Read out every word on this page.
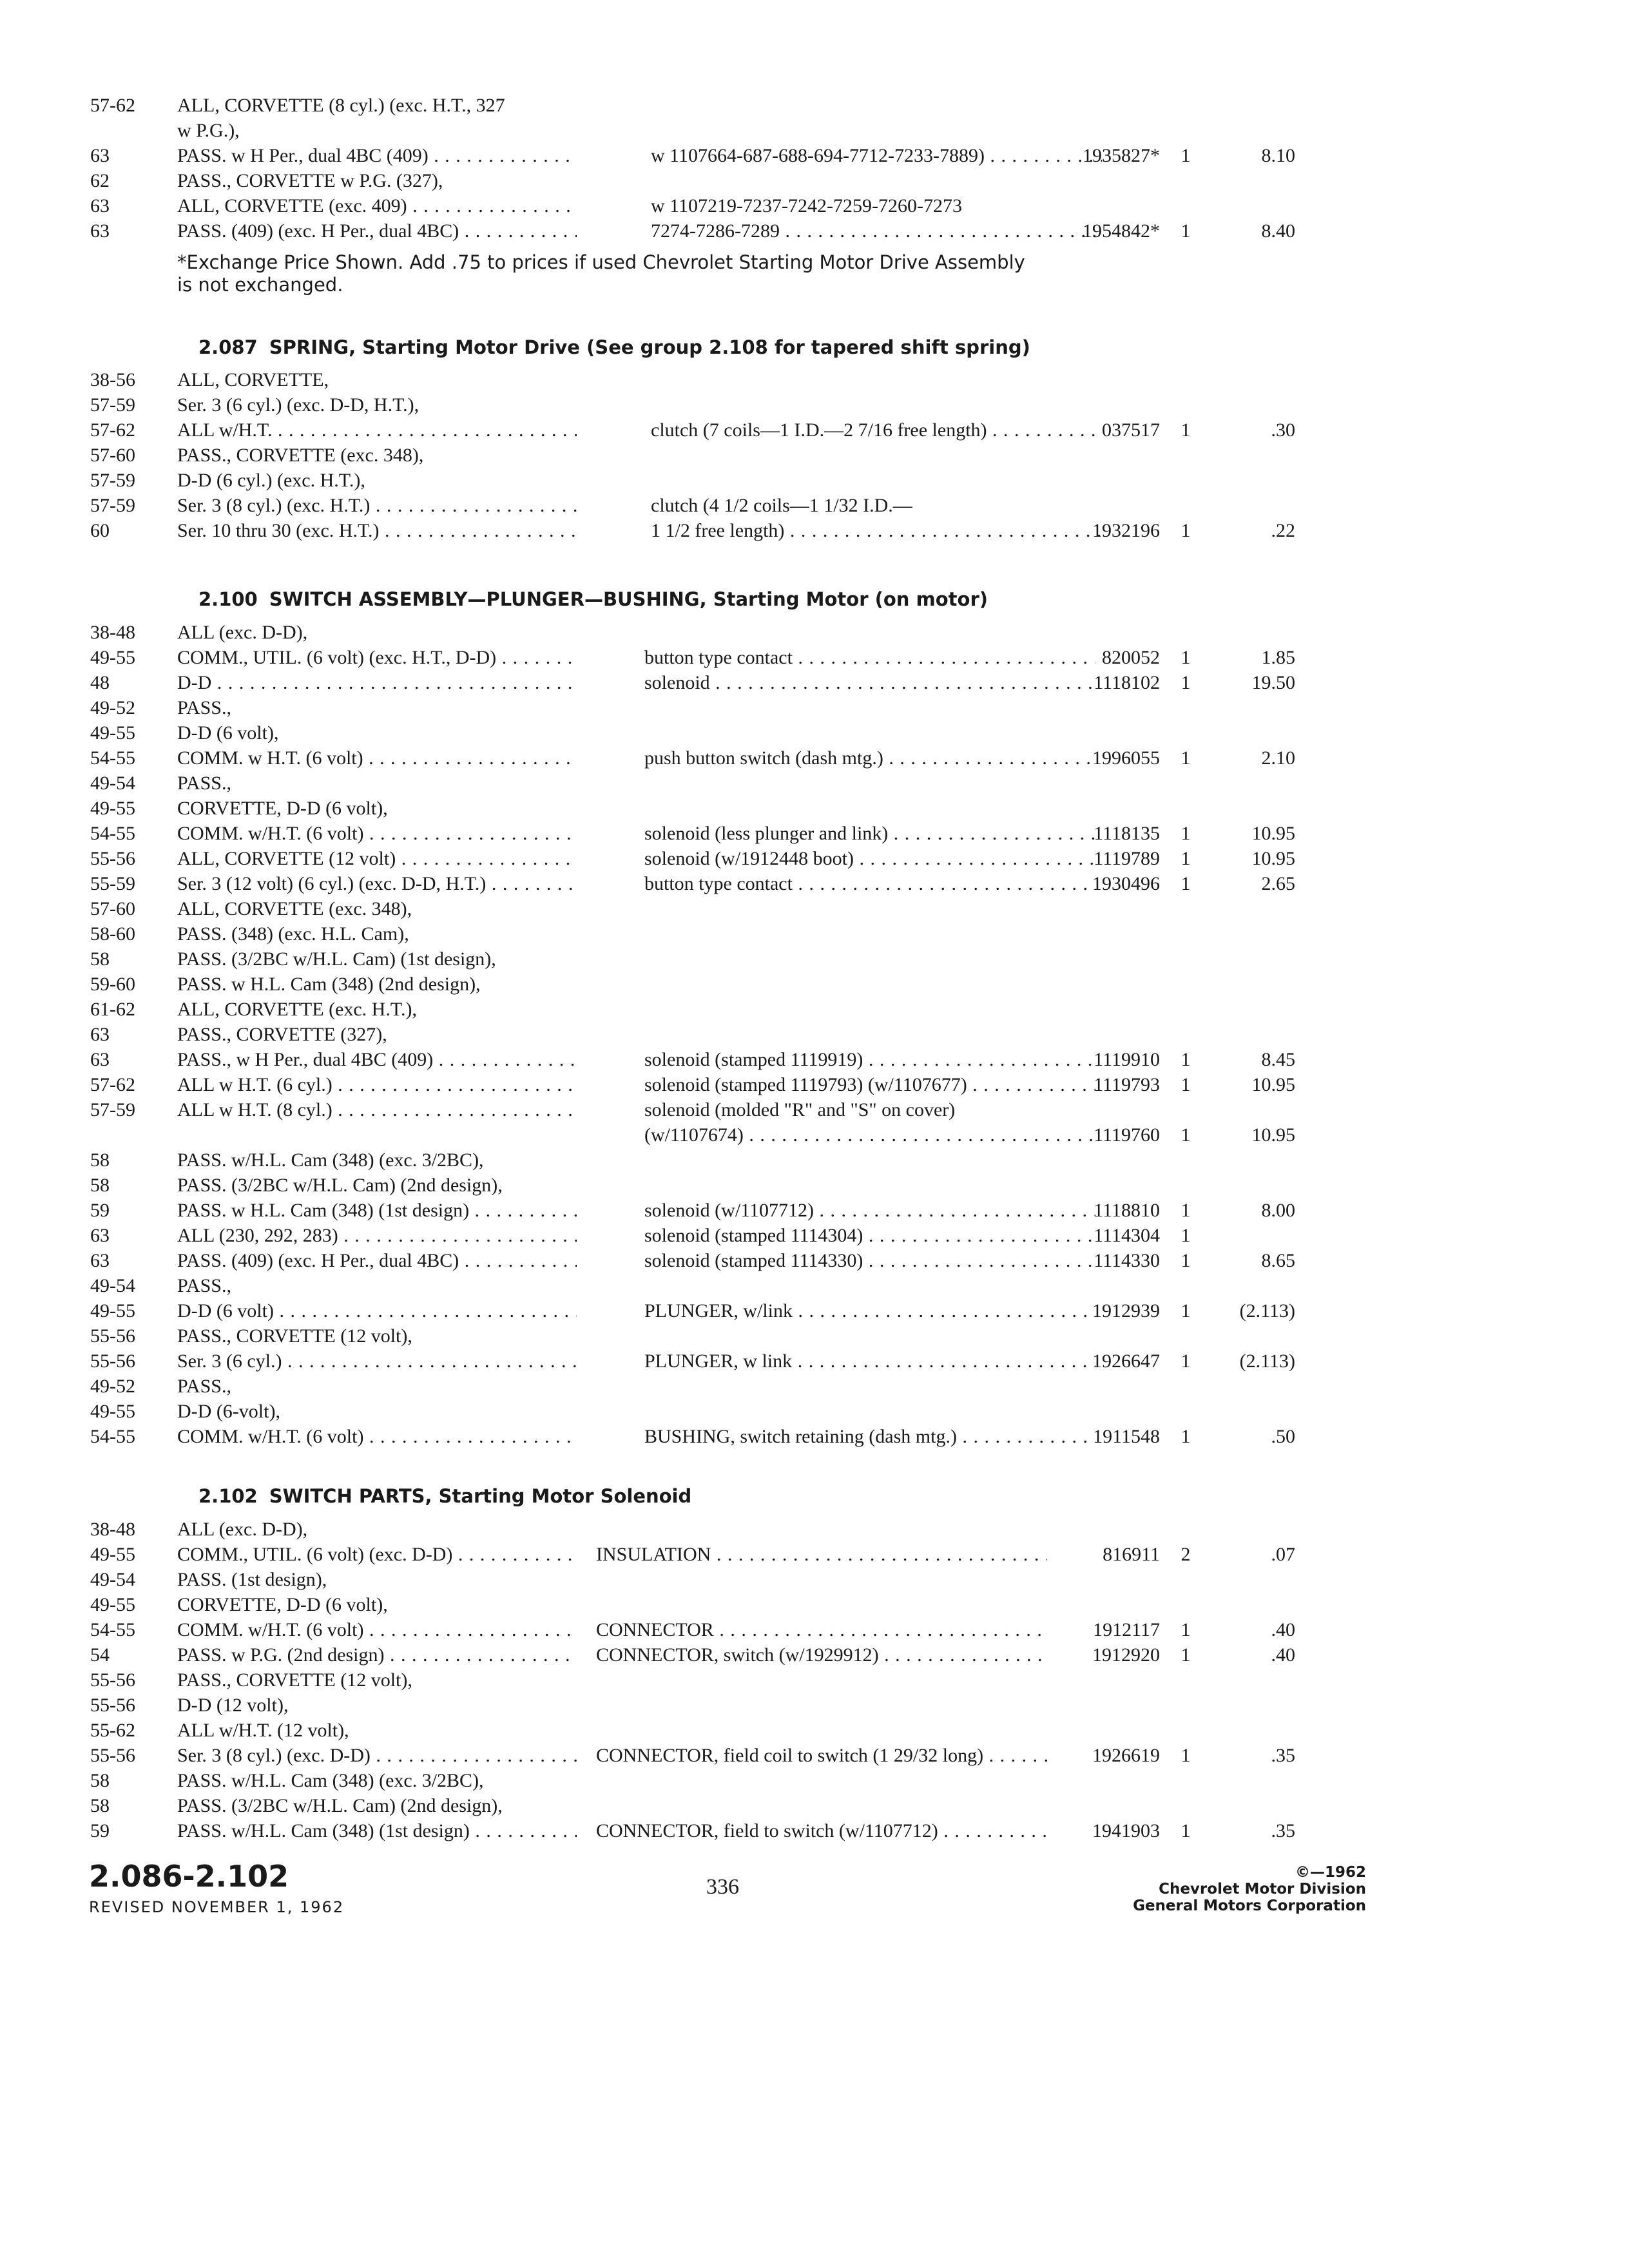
57-62 ALL, CORVETTE (8 cyl.) (exc. H.T., 327
w P.G.),
63	PASS. w H Per., dual 4BC (409) . . .	w 1107664-687-688-694-7712-7233-7889) . . .	1935827*	1	8.10
62	PASS., CORVETTE w P.G. (327),
63	ALL, CORVETTE (exc. 409) . . .	w 1107219-7237-7242-7259-7260-7273
63	PASS. (409) (exc. H Per., dual 4BC) . . .	7274-7286-7289 . . .	1954842*	1	8.40
*Exchange Price Shown. Add .75 to prices if used Chevrolet Starting Motor Drive Assembly
is not exchanged.
2.087 SPRING, Starting Motor Drive (See group 2.108 for tapered shift spring)
38-56 ALL, CORVETTE,
57-59 Ser. 3 (6 cyl.) (exc. D-D, H.T.),
57-62 ALL w/H.T. . . .	clutch (7 coils—1 I.D.—2 7/16 free length) . . .	037517	1	.30
57-60 PASS., CORVETTE (exc. 348),
57-59 D-D (6 cyl.) (exc. H.T.),
57-59 Ser. 3 (8 cyl.) (exc. H.T.) . . .	clutch (4 1/2 coils—1 1/32 I.D.—
60	Ser. 10 thru 30 (exc. H.T.) . . .	1 1/2 free length) . . .	1932196	1	.22
2.100 SWITCH ASSEMBLY—PLUNGER—BUSHING, Starting Motor (on motor)
38-48 ALL (exc. D-D),
49-55 COMM., UTIL. (6 volt) (exc. H.T., D-D) . . .	button type contact . . .	820052	1	1.85
48	D-D . . .	solenoid . . .	1118102	1	19.50
49-52 PASS.,
49-55 D-D (6 volt),
54-55 COMM. w H.T. (6 volt) . . .	push button switch (dash mtg.) . . .	1996055	1	2.10
49-54 PASS.,
49-55 CORVETTE, D-D (6 volt),
54-55 COMM. w/H.T. (6 volt) . . .	solenoid (less plunger and link) . . .	1118135	1	10.95
55-56 ALL, CORVETTE (12 volt) . . .	solenoid (w/1912448 boot) . . .	1119789	1	10.95
55-59 Ser. 3 (12 volt) (6 cyl.) (exc. D-D, H.T.) . . .	button type contact . . .	1930496	1	2.65
57-60 ALL, CORVETTE (exc. 348),
58-60 PASS. (348) (exc. H.L. Cam),
58	PASS. (3/2BC w/H.L. Cam) (1st design),
59-60 PASS. w H.L. Cam (348) (2nd design),
61-62 ALL, CORVETTE (exc. H.T.),
63	PASS., CORVETTE (327),
63	PASS., w H Per., dual 4BC (409) . . .	solenoid (stamped 1119919) . . .	1119910	1	8.45
57-62 ALL w H.T. (6 cyl.) . . .	solenoid (stamped 1119793) (w/1107677) . . .	1119793	1	10.95
57-59 ALL w H.T. (8 cyl.) . . .	solenoid (molded "R" and "S" on cover)
(w/1107674) . . .	1119760	1	10.95
58	PASS. w/H.L. Cam (348) (exc. 3/2BC),
58	PASS. (3/2BC w/H.L. Cam) (2nd design),
59	PASS. w H.L. Cam (348) (1st design) . . .	solenoid (w/1107712) . . .	1118810	1	8.00
63	ALL (230, 292, 283) . . .	solenoid (stamped 1114304) . . .	1114304	1
63	PASS. (409) (exc. H Per., dual 4BC) . . .	solenoid (stamped 1114330) . . .	1114330	1	8.65
49-54 PASS.,
49-55 D-D (6 volt) . . .	PLUNGER, w/link . . .	1912939	1	(2.113)
55-56 PASS., CORVETTE (12 volt),
55-56 Ser. 3 (6 cyl.) . . .	PLUNGER, w link . . .	1926647	1	(2.113)
49-52 PASS.,
49-55 D-D (6-volt),
54-55 COMM. w/H.T. (6 volt) . . .	BUSHING, switch retaining (dash mtg.) . . .	1911548	1	.50
2.102 SWITCH PARTS, Starting Motor Solenoid
38-48 ALL (exc. D-D),
49-55 COMM., UTIL. (6 volt) (exc. D-D) . . .	INSULATION . . .	816911	2	.07
49-54 PASS. (1st design),
49-55 CORVETTE, D-D (6 volt),
54-55 COMM. w/H.T. (6 volt) . . .	CONNECTOR . . .	1912117	1	.40
54	PASS. w P.G. (2nd design) . . .	CONNECTOR, switch (w/1929912) . . .	1912920	1	.40
55-56 PASS., CORVETTE (12 volt),
55-56 D-D (12 volt),
55-62 ALL w/H.T. (12 volt),
55-56 Ser. 3 (8 cyl.) (exc. D-D) . . .	CONNECTOR, field coil to switch (1 29/32 long) . . .	1926619	1	.35
58	PASS. w/H.L. Cam (348) (exc. 3/2BC),
58	PASS. (3/2BC w/H.L. Cam) (2nd design),
59	PASS. w/H.L. Cam (348) (1st design) . . .	CONNECTOR, field to switch (w/1107712) . . .	1941903	1	.35
2.086-2.102
REVISED NOVEMBER 1, 1962
336
©—1962
Chevrolet Motor Division
General Motors Corporation
